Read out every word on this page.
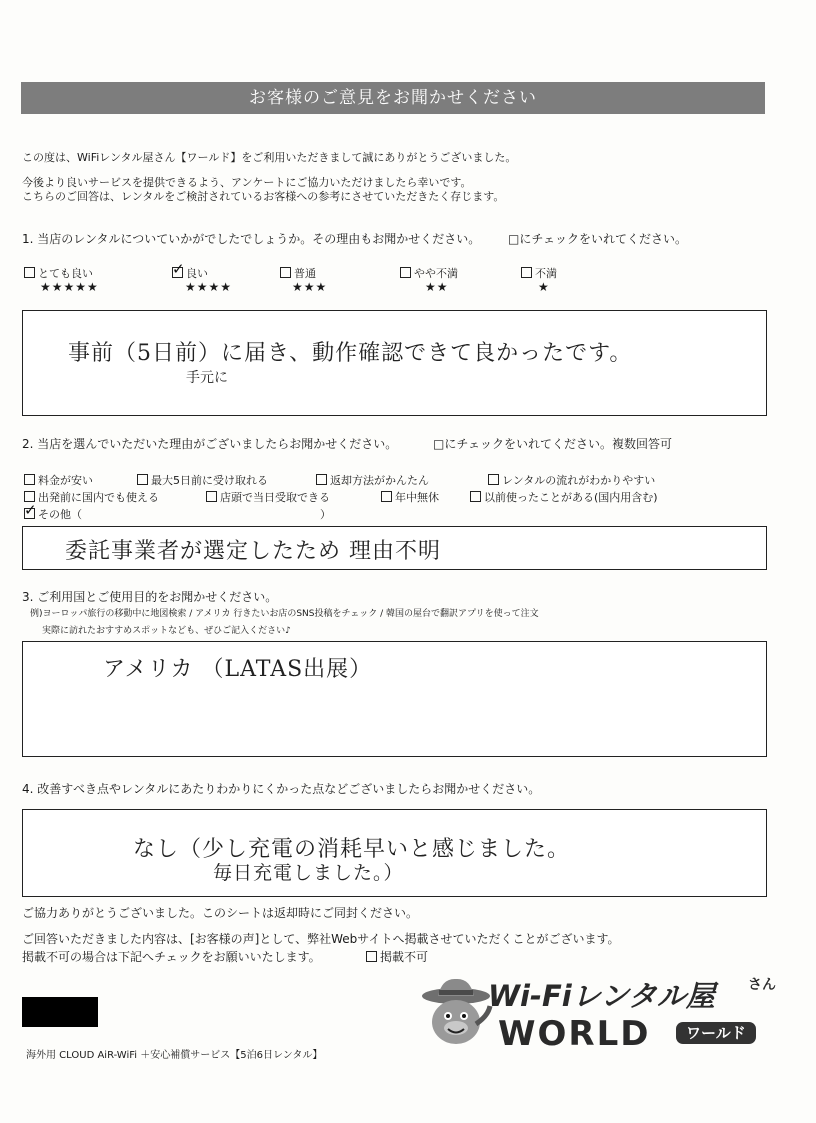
お客様のご意見をお聞かせください
この度は、WiFiレンタル屋さん【ワールド】をご利用いただきまして誠にありがとうございました。
今後より良いサービスを提供できるよう、アンケートにご協力いただけましたら幸いです。
こちらのご回答は、レンタルをご検討されているお客様への参考にさせていただきたく存じます。
1. 当店のレンタルについていかがでしたでしょうか。その理由もお聞かせください。 □にチェックをいれてください。
とても良い
★★★★★
✓良い
★★★★
普通
★★★
やや不満
★★
不満
★
事前（5日前）に届き、動作確認できて良かったです。
手元に
2. 当店を選んでいただいた理由がございましたらお聞かせください。	□にチェックをいれてください。複数回答可
料金が安い	最大5日前に受け取れる	返却方法がかんたん	レンタルの流れがわかりやすい
出発前に国内でも使える	店頭で当日受取できる	年中無休	以前使ったことがある(国内用含む)
✓その他（	）
委託事業者が選定したため 理由不明
3. ご利用国とご使用目的をお聞かせください。
例)ヨーロッパ旅行の移動中に地図検索 / アメリカ 行きたいお店のSNS投稿をチェック / 韓国の屋台で翻訳アプリを使って注文
実際に訪れたおすすめスポットなども、ぜひご記入ください♪
アメリカ （LATAS出展）
4. 改善すべき点やレンタルにあたりわかりにくかった点などございましたらお聞かせください。
なし（少し充電の消耗早いと感じました。
毎日充電しました。）
ご協力ありがとうございました。このシートは返却時にご同封ください。
ご回答いただきました内容は、[お客様の声]として、弊社Webサイトへ掲載させていただくことがございます。
掲載不可の場合は下記へチェックをお願いいたします。	掲載不可
海外用 CLOUD AiR-WiFi ＋安心補償サービス【5泊6日レンタル】
Wi-Fiレンタル屋 さん
WORLD	ワールド
